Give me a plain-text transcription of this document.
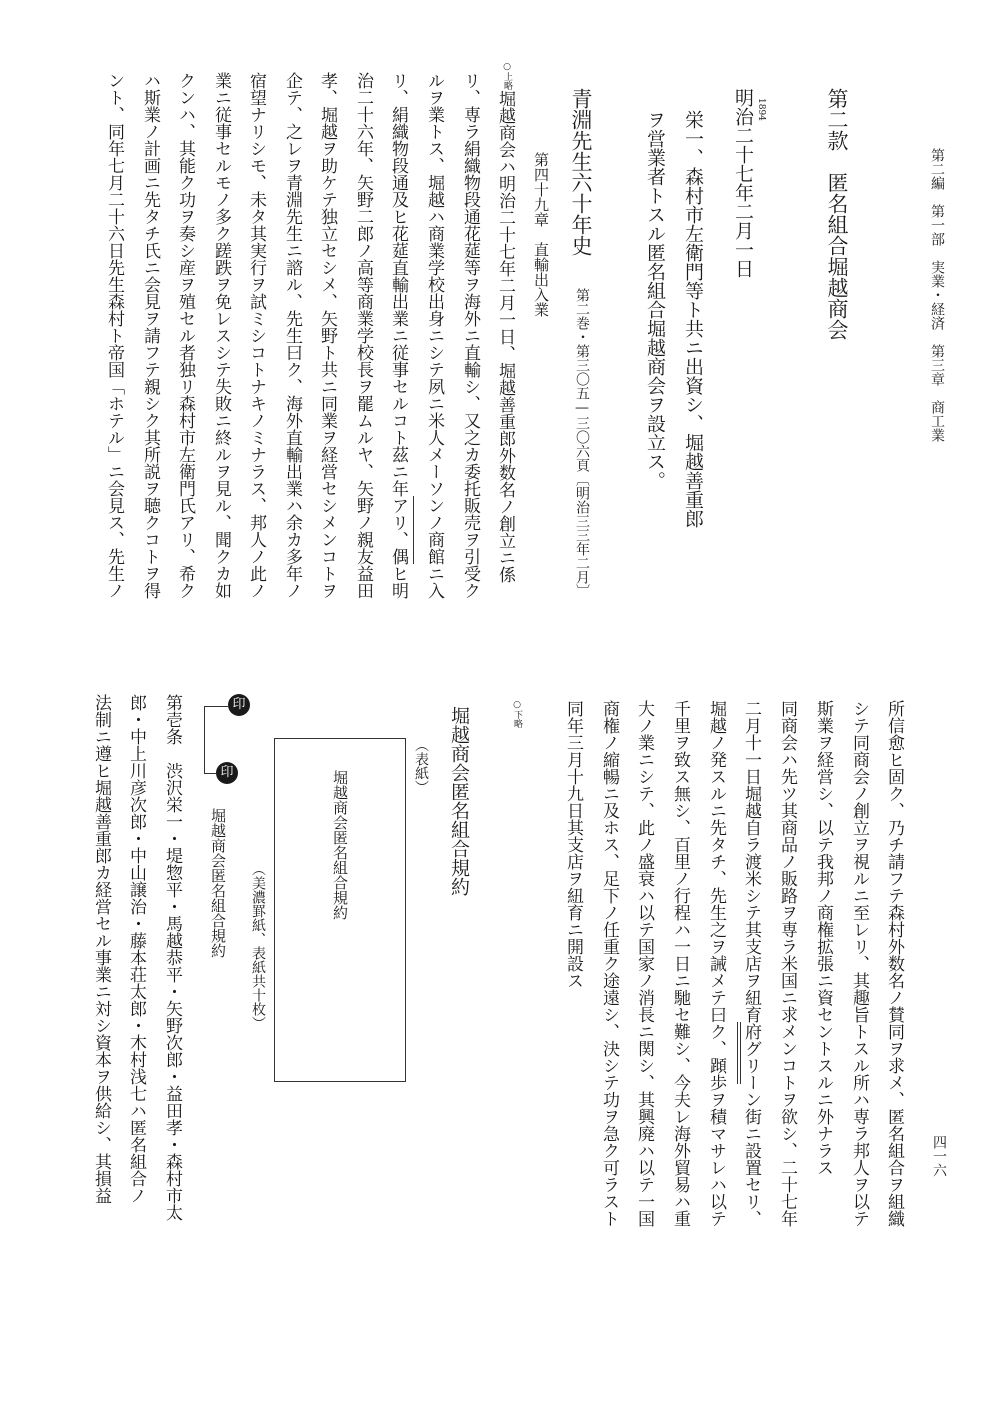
第二編　第一部　実業・経済　第三章　商工業
第二款　匿名組合堀越商会
明治二十七年二月一日 1894
栄一、森村市左衛門等ト共ニ出資シ、堀越善重郎
ヲ営業者トスル匿名組合堀越商会ヲ設立ス。
青淵先生六十年史
第二巻・第三〇五—三〇六頁〔明治三三年二月〕
第四十九章　直輸出入業
○上略
堀越商会ハ明治二十七年二月一日、堀越善重郎外数名ノ創立ニ係
リ、専ラ絹織物段通花莚等ヲ海外ニ直輸シ、又之カ委托販売ヲ引受ク
ルヲ業トス、堀越ハ商業学校出身ニシテ夙ニ米人メーソンノ商館ニ入
リ、絹織物段通及ヒ花莚直輸出業ニ従事セルコト茲ニ年アリ、偶ヒ明
治二十六年、矢野二郎ノ高等商業学校長ヲ罷ムルヤ、矢野ノ親友益田
孝、堀越ヲ助ケテ独立セシメ、矢野ト共ニ同業ヲ経営セシメンコトヲ
企テ、之レヲ青淵先生ニ諮ル、先生曰ク、海外直輸出業ハ余カ多年ノ
宿望ナリシモ、未タ其実行ヲ試ミシコトナキノミナラス、邦人ノ此ノ
業ニ従事セルモノ多ク蹉跌ヲ免レスシテ失敗ニ終ルヲ見ル、聞クカ如
クンハ、其能ク功ヲ奏シ産ヲ殖セル者独リ森村市左衛門氏アリ、希ク
ハ斯業ノ計画ニ先タチ氏ニ会見ヲ請フテ親シク其所説ヲ聴クコトヲ得
ント、同年七月二十六日先生森村ト帝国「ホテル」ニ会見ス、先生ノ
四一六
所信愈ヒ固ク、乃チ請フテ森村外数名ノ賛同ヲ求メ、匿名組合ヲ組織
シテ同商会ノ創立ヲ視ルニ至レリ、其趣旨トスル所ハ専ラ邦人ヲ以テ
斯業ヲ経営シ、以テ我邦ノ商権拡張ニ資セントスルニ外ナラス
同商会ハ先ツ其商品ノ販路ヲ専ラ米国ニ求メンコトヲ欲シ、二十七年
二月十一日堀越自ラ渡米シテ其支店ヲ紐育府グリーン街ニ設置セリ、
堀越ノ発スルニ先タチ、先生之ヲ誡メテ曰ク、蹞歩ヲ積マサレハ以テ
千里ヲ致ス無シ、百里ノ行程ハ一日ニ馳セ難シ、今夫レ海外貿易ハ重
大ノ業ニシテ、此ノ盛衰ハ以テ国家ノ消長ニ関シ、其興廃ハ以テ一国
商権ノ縮暢ニ及ホス、足下ノ任重ク途遠シ、決シテ功ヲ急ク可ラスト
同年三月十九日其支店ヲ紐育ニ開設ス
○下略
堀越商会匿名組合規約
（表紙）
堀越商会匿名組合規約
（美濃罫紙、表紙共十枚）
印
印
堀越商会匿名組合規約
第壱条　渋沢栄一・堤惣平・馬越恭平・矢野次郎・益田孝・森村市太
郎・中上川彦次郎・中山譲治・藤本荘太郎・木村浅七ハ匿名組合ノ
法制ニ遵ヒ堀越善重郎カ経営セル事業ニ対シ資本ヲ供給シ、其損益
